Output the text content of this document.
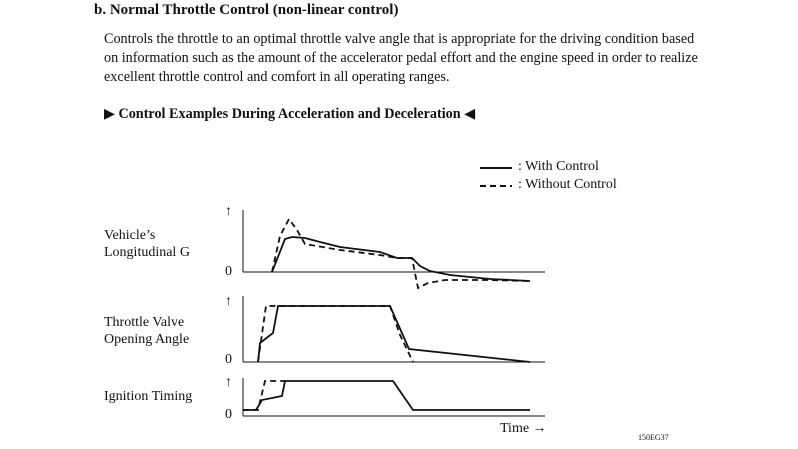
b. Normal Throttle Control (non-linear control)

Controls the throttle to an optimal throttle valve angle that is appropriate for the driving condition based

on information such as the amount of the accelerator pedal effort and the engine speed in order to realize

excellent throttle control and comfort in all operating ranges.

▶ Control Examples During Acceleration and Deceleration ◀
: With Control
: Without Control
↑
Vehicle’s
Longitudinal G
0
↑
Throttle Valve
Opening Angle
0
↑
Ignition Timing
0
Time →
150EG37
